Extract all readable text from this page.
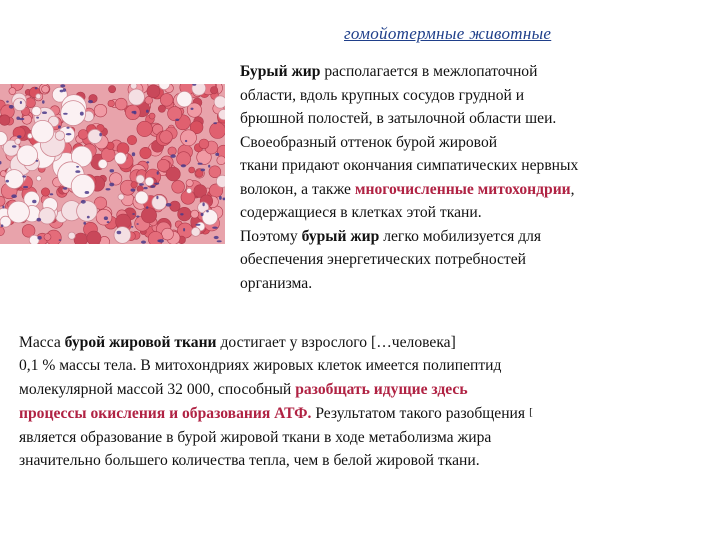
гомойотермные животные
Бурый жир располагается в межлопаточной
области, вдоль крупных сосудов грудной и
брюшной полостей, в затылочной области шеи.
Своеобразный оттенок бурой жировой
ткани придают окончания симпатических нервных
волокон, а также многочисленные митохондрии,
содержащиеся в клетках этой ткани.
Поэтому бурый жир легко мобилизуется для
обеспечения энергетических потребностей
организма.
Масса бурой жировой ткани достигает у взрослого […человека]
0,1 % массы тела. В митохондриях жировых клеток имеется полипептид
молекулярной массой 32 000, способный разобщать идущие здесь
процессы окисления и образования АТФ. Результатом такого разобщения [
является образование в бурой жировой ткани в ходе метаболизма жира
значительно большего количества тепла, чем в белой жировой ткани.
